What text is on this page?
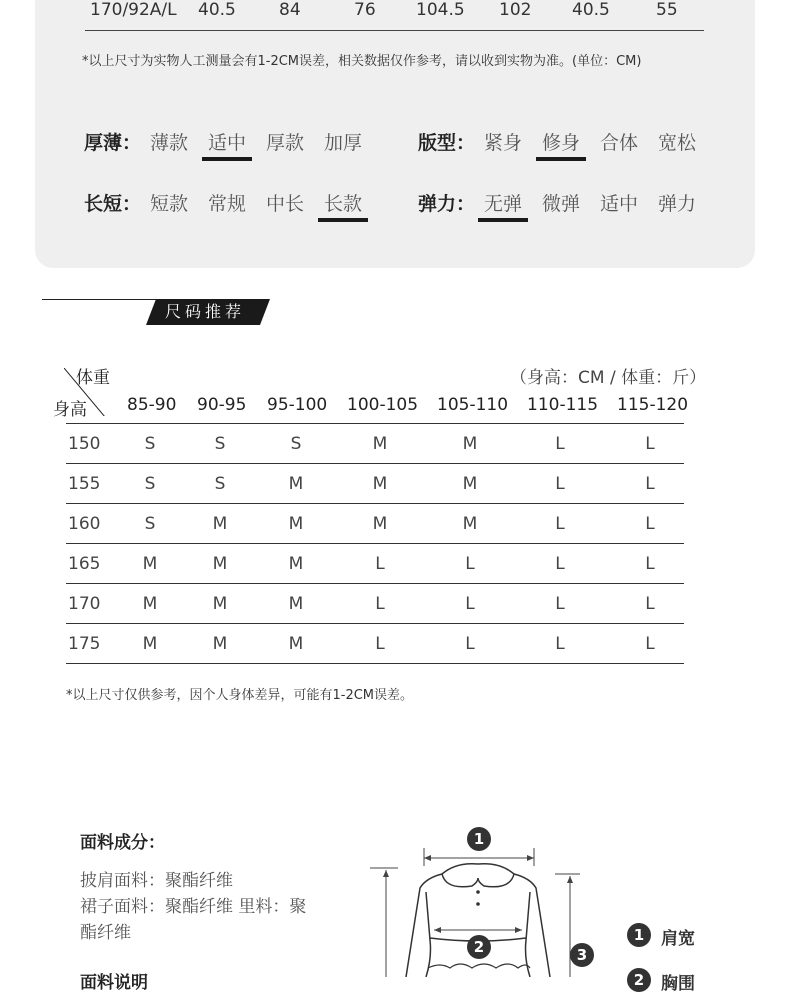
170/92A/L 40.5	84	76 104.5 102 40.5	55
*以上尺寸为实物人工测量会有1-2CM误差，相关数据仅作参考，请以收到实物为准。(单位：CM)
厚薄： 薄款	适中	厚款	加厚	版型： 紧身	修身	合体	宽松
长短： 短款	常规	中长	长款	弹力： 无弹	微弹	适中	弹力
尺码推荐
体重
身高
（身高：CM / 体重：斤）
85-90 90-95 95-100 100-105 105-110 110-115 115-120
150	S	S	S	M	M	L	L
155	S	S	M	M	M	L	L
160	S	M	M	M	M	L	L
165	M	M	M	L	L	L	L
170	M	M	M	L	L	L	L
175	M	M	M	L	L	L	L
*以上尺寸仅供参考，因个人身体差异，可能有1-2CM误差。
面料成分：
披肩面料：聚酯纤维
裙子面料：聚酯纤维 里料：聚
酯纤维
面料说明
1
2	3
1 肩宽
2 胸围
